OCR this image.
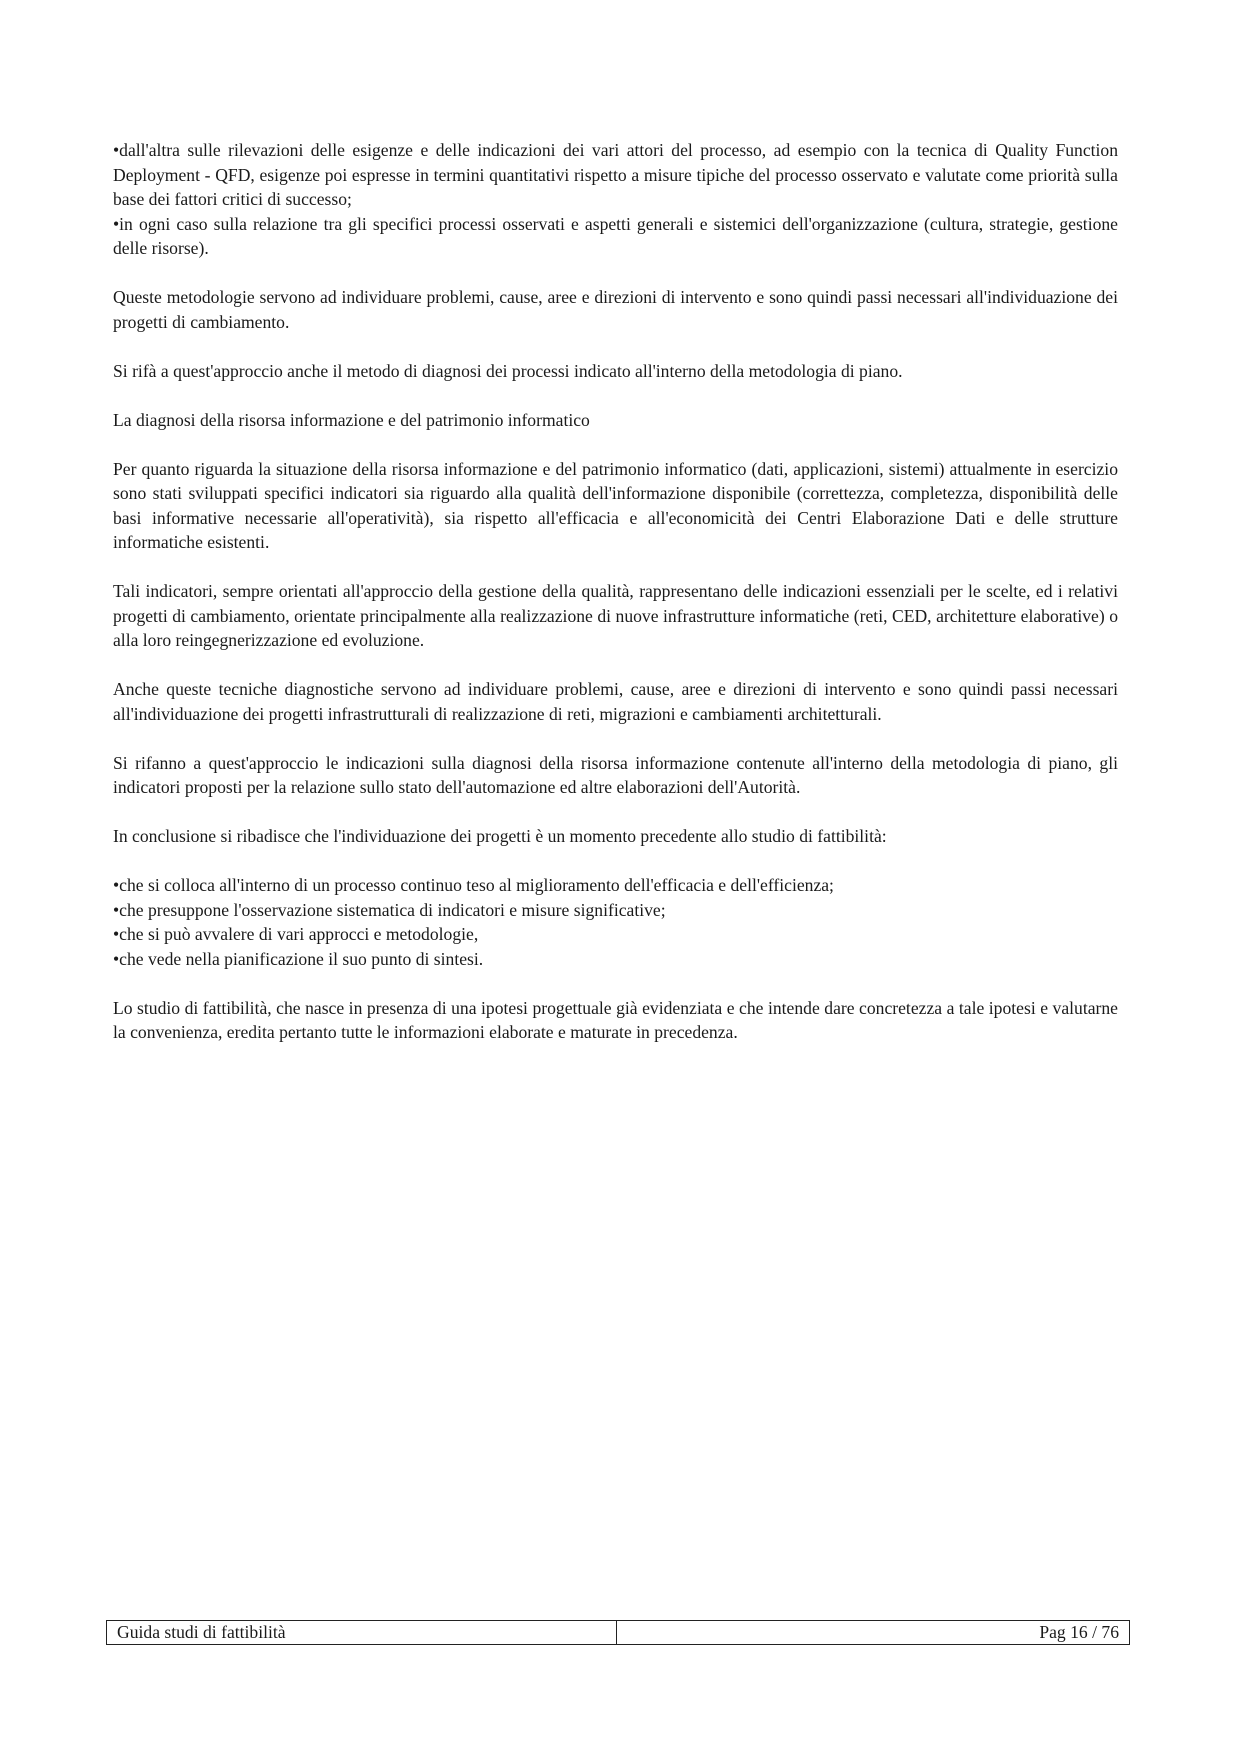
•dall'altra sulle rilevazioni delle esigenze e delle indicazioni dei vari attori del processo, ad esempio con la tecnica di Quality Function Deployment - QFD, esigenze poi espresse in termini quantitativi rispetto a misure tipiche del processo osservato e valutate come priorità sulla base dei fattori critici di successo;
•in ogni caso sulla relazione tra gli specifici processi osservati e aspetti generali e sistemici dell'organizzazione (cultura, strategie, gestione delle risorse).

Queste metodologie servono ad individuare problemi, cause, aree e direzioni di intervento e sono quindi passi necessari all'individuazione dei progetti di cambiamento.

Si rifà a quest'approccio anche il metodo di diagnosi dei processi indicato all'interno della metodologia di piano.

La diagnosi della risorsa informazione e del patrimonio informatico

Per quanto riguarda la situazione della risorsa informazione e del patrimonio informatico (dati, applicazioni, sistemi) attualmente in esercizio sono stati sviluppati specifici indicatori sia riguardo alla qualità dell'informazione disponibile (correttezza, completezza, disponibilità delle basi informative necessarie all'operatività), sia rispetto all'efficacia e all'economicità dei Centri Elaborazione Dati e delle strutture informatiche esistenti.

Tali indicatori, sempre orientati all'approccio della gestione della qualità, rappresentano delle indicazioni essenziali per le scelte, ed i relativi progetti di cambiamento, orientate principalmente alla realizzazione di nuove infrastrutture informatiche (reti, CED, architetture elaborative) o alla loro reingegnerizzazione ed evoluzione.

Anche queste tecniche diagnostiche servono ad individuare problemi, cause, aree e direzioni di intervento e sono quindi passi necessari all'individuazione dei progetti infrastrutturali di realizzazione di reti, migrazioni e cambiamenti architetturali.

Si rifanno a quest'approccio le indicazioni sulla diagnosi della risorsa informazione contenute all'interno della metodologia di piano, gli indicatori proposti per la relazione sullo stato dell'automazione ed altre elaborazioni dell'Autorità.

In conclusione si ribadisce che l'individuazione dei progetti è un momento precedente allo studio di fattibilità:

•che si colloca all'interno di un processo continuo teso al miglioramento dell'efficacia e dell'efficienza;
•che presuppone l'osservazione sistematica di indicatori e misure significative;
•che si può avvalere di vari approcci e metodologie,
•che vede nella pianificazione il suo punto di sintesi.

Lo studio di fattibilità, che nasce in presenza di una ipotesi progettuale già evidenziata e che intende dare concretezza a tale ipotesi e valutarne la convenienza, eredita pertanto tutte le informazioni elaborate e maturate in precedenza.

Guida studi di fattibilità	Pag 16 / 76
